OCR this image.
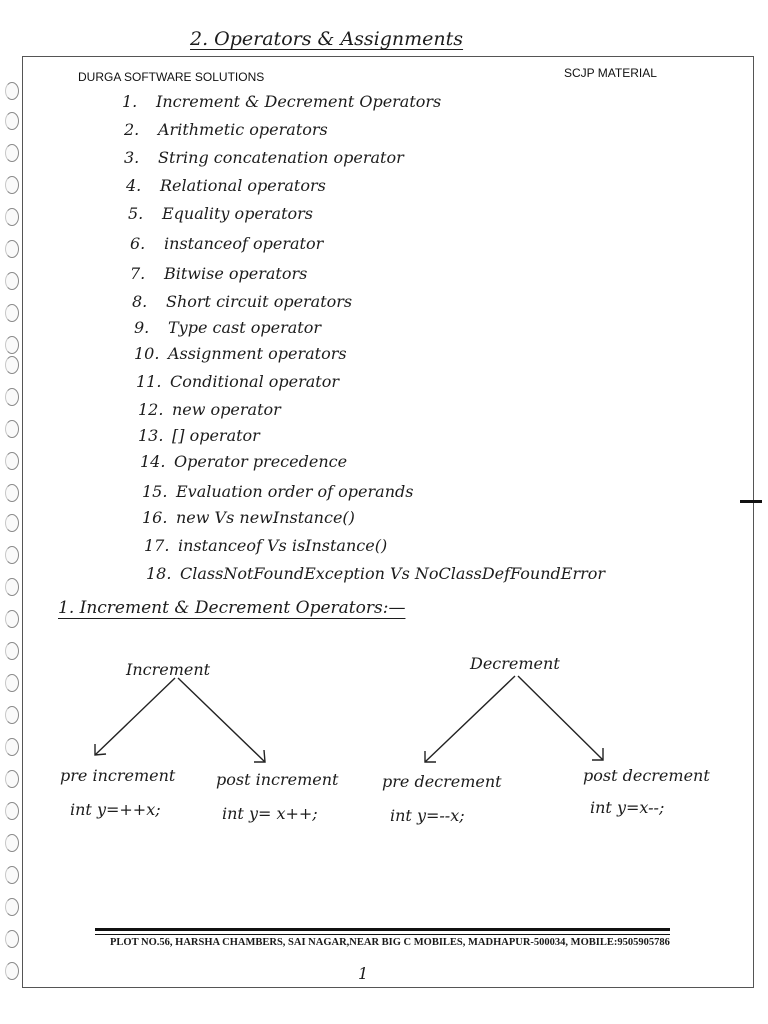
2. Operators & Assignments
DURGA SOFTWARE SOLUTIONS	SCJP MATERIAL
1. Increment & Decrement Operators
2. Arithmetic operators
3. String concatenation operator
4. Relational operators
5. Equality operators
6. instanceof operator
7. Bitwise operators
8. Short circuit operators
9. Type cast operator
10. Assignment operators
11. Conditional operator
12. new operator
13. [] operator
14. Operator precedence
15. Evaluation order of operands
16. new Vs newInstance()
17. instanceof Vs isInstance()
18. ClassNotFoundException Vs NoClassDefFoundError
1. Increment & Decrement Operators:—
Increment	Decrement
pre increment
int y=++x;
post increment
int y= x++;
pre decrement
int y=--x;
post decrement
int y=x--;
PLOT NO.56, HARSHA CHAMBERS, SAI NAGAR,NEAR BIG C MOBILES, MADHAPUR-500034, MOBILE:9505905786
1
